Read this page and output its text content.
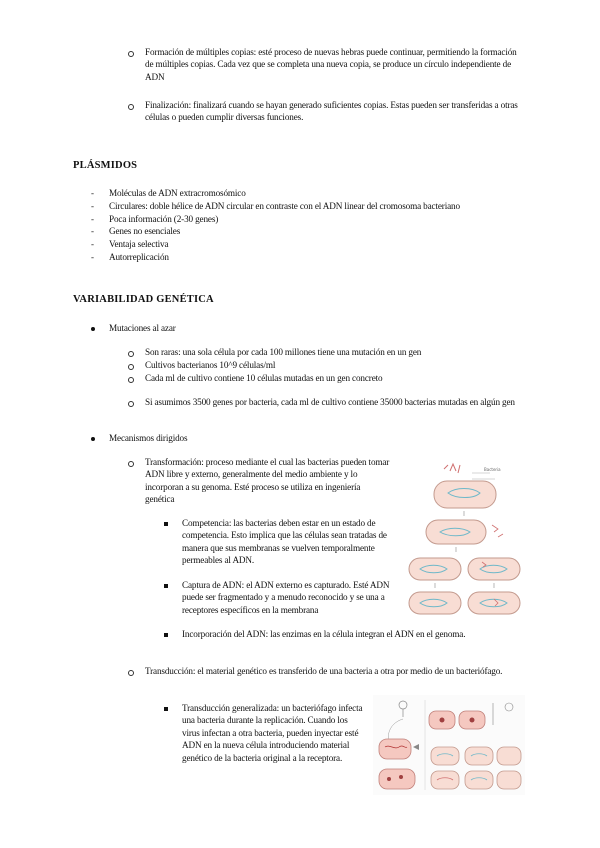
Formación de múltiples copias: esté proceso de nuevas hebras puede continuar, permitiendo la formación de múltiples copias. Cada vez que se completa una nueva copia, se produce un círculo independiente de ADN
Finalización: finalizará cuando se hayan generado suficientes copias. Estas pueden ser transferidas a otras células o pueden cumplir diversas funciones.
PLÁSMIDOS
- Moléculas de ADN extracromosómico
- Circulares: doble hélice de ADN circular en contraste con el ADN linear del cromosoma bacteriano
- Poca información (2-30 genes)
- Genes no esenciales
- Ventaja selectiva
- Autorreplicación
VARIABILIDAD GENÉTICA
Mutaciones al azar
Son raras: una sola célula por cada 100 millones tiene una mutación en un gen
Cultivos bacterianos 10^9 células/ml
Cada ml de cultivo contiene 10 células mutadas en un gen concreto
Si asumimos 3500 genes por bacteria, cada ml de cultivo contiene 35000 bacterias mutadas en algún gen
Mecanismos dirigidos
Transformación: proceso mediante el cual las bacterias pueden tomar ADN libre y externo, generalmente del medio ambiente y lo incorporan a su genoma. Esté proceso se utiliza en ingeniería genética
Competencia: las bacterias deben estar en un estado de competencia. Esto implica que las células sean tratadas de manera que sus membranas se vuelven temporalmente permeables al ADN.
Captura de ADN: el ADN externo es capturado. Esté ADN puede ser fragmentado y a menudo reconocido y se una a receptores específicos en la membrana
Incorporación del ADN: las enzimas en la célula integran el ADN en el genoma.
Bacteria
Transducción: el material genético es transferido de una bacteria a otra por medio de un bacteriófago.
Transducción generalizada: un bacteriófago infecta una bacteria durante la replicación. Cuando los virus infectan a otra bacteria, pueden inyectar esté ADN en la nueva célula introduciendo material genético de la bacteria original a la receptora.
